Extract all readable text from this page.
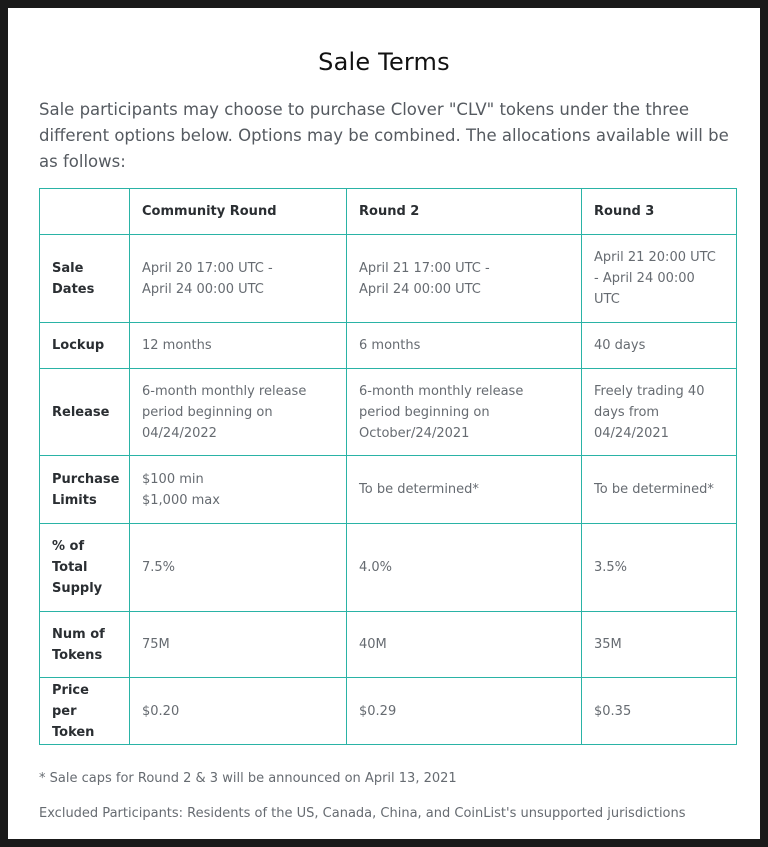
Sale Terms
Sale participants may choose to purchase Clover "CLV" tokens under the three different options below. Options may be combined. The allocations available will be as follows:

	Community Round	Round 2	Round 3

Sale
Dates	April 20 17:00 UTC -
April 24 00:00 UTC	April 21 17:00 UTC -
April 24 00:00 UTC	April 21 20:00 UTC
- April 24 00:00
UTC

Lockup	12 months	6 months	40 days

Release	6-month monthly release
period beginning on
04/24/2022	6-month monthly release
period beginning on
October/24/2021	Freely trading 40
days from
04/24/2021

Purchase
Limits	$100 min
$1,000 max	To be determined*	To be determined*

% of
Total
Supply	7.5%	4.0%	3.5%

Num of
Tokens	75M	40M	35M

Price per
Token	$0.20	$0.29	$0.35
* Sale caps for Round 2 & 3 will be announced on April 13, 2021
Excluded Participants: Residents of the US, Canada, China, and CoinList's unsupported jurisdictions
